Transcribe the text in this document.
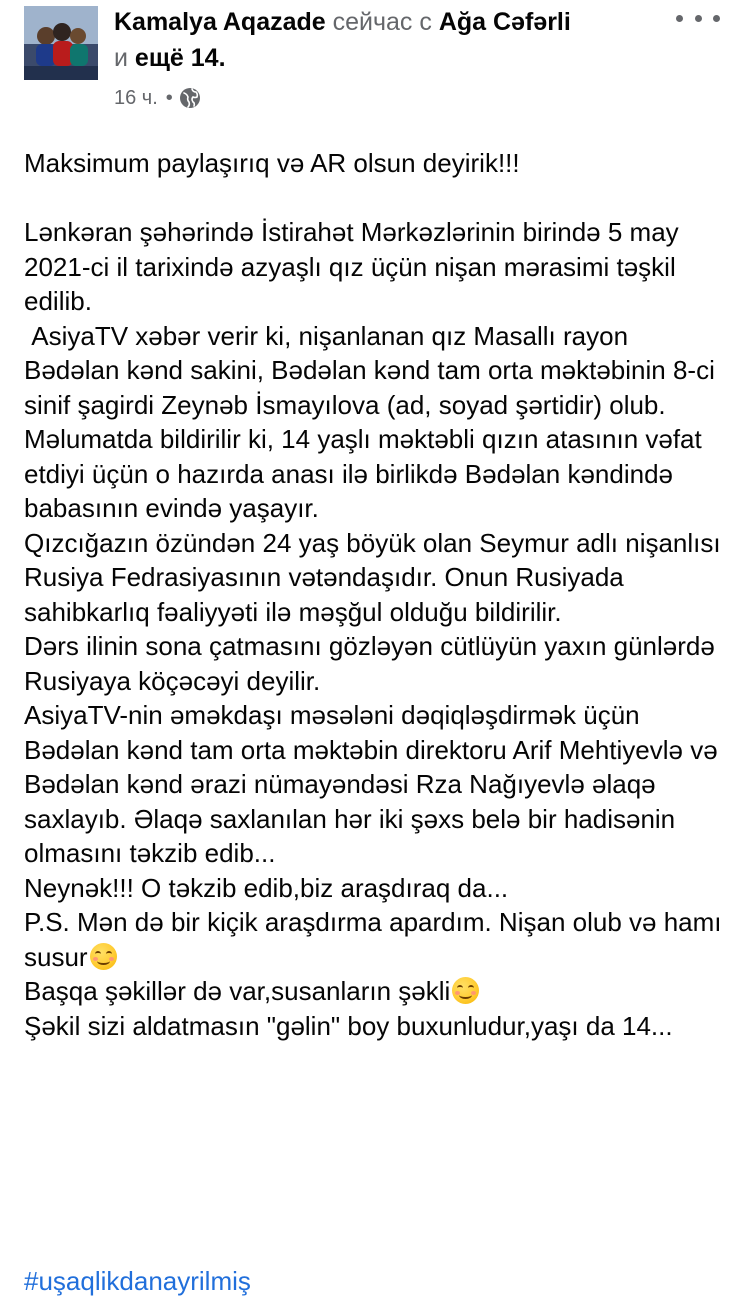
Kamalya Aqazade сейчас с Ağa Cəfərli
и ещё 14.
16 ч. •

Maksimum paylaşırıq və AR olsun deyirik!!!

Lənkəran şəhərində İstirahət Mərkəzlərinin birində 5 may 2021-ci il tarixində azyaşlı qız üçün nişan mərasimi təşkil edilib.

AsiyaTV xəbər verir ki, nişanlanan qız Masallı rayon Bədəlan kənd sakini, Bədəlan kənd tam orta məktəbinin 8-ci sinif şagirdi Zeynəb İsmayılova (ad, soyad şərtidir) olub.

Məlumatda bildirilir ki, 14 yaşlı məktəbli qızın atasının vəfat etdiyi üçün o hazırda anası ilə birlikdə Bədəlan kəndində babasının evində yaşayır.

Qızcığazın özündən 24 yaş böyük olan Seymur adlı nişanlısı Rusiya Fedrasiyasının vətəndaşıdır. Onun Rusiyada sahibkarlıq fəaliyyəti ilə məşğul olduğu bildirilir.

Dərs ilinin sona çatmasını gözləyən cütlüyün yaxın günlərdə Rusiyaya köçəcəyi deyilir.

AsiyaTV-nin əməkdaşı məsələni dəqiqləşdirmək üçün Bədəlan kənd tam orta məktəbin direktoru Arif Mehtiyevlə və Bədəlan kənd ərazi nümayəndəsi Rza Nağıyevlə əlaqə saxlayıb. Əlaqə saxlanılan hər iki şəxs belə bir hadisənin olmasını təkzib edib...

Neynək!!! O təkzib edib,biz araşdıraq da...

P.S. Mən də bir kiçik araşdırma apardım. Nişan olub və hamı susur

Başqa şəkillər də var,susanların şəkli

Şəkil sizi aldatmasın "gəlin" boy buxunludur,yaşı da 14...

#uşaqlikdanayrilmiş
